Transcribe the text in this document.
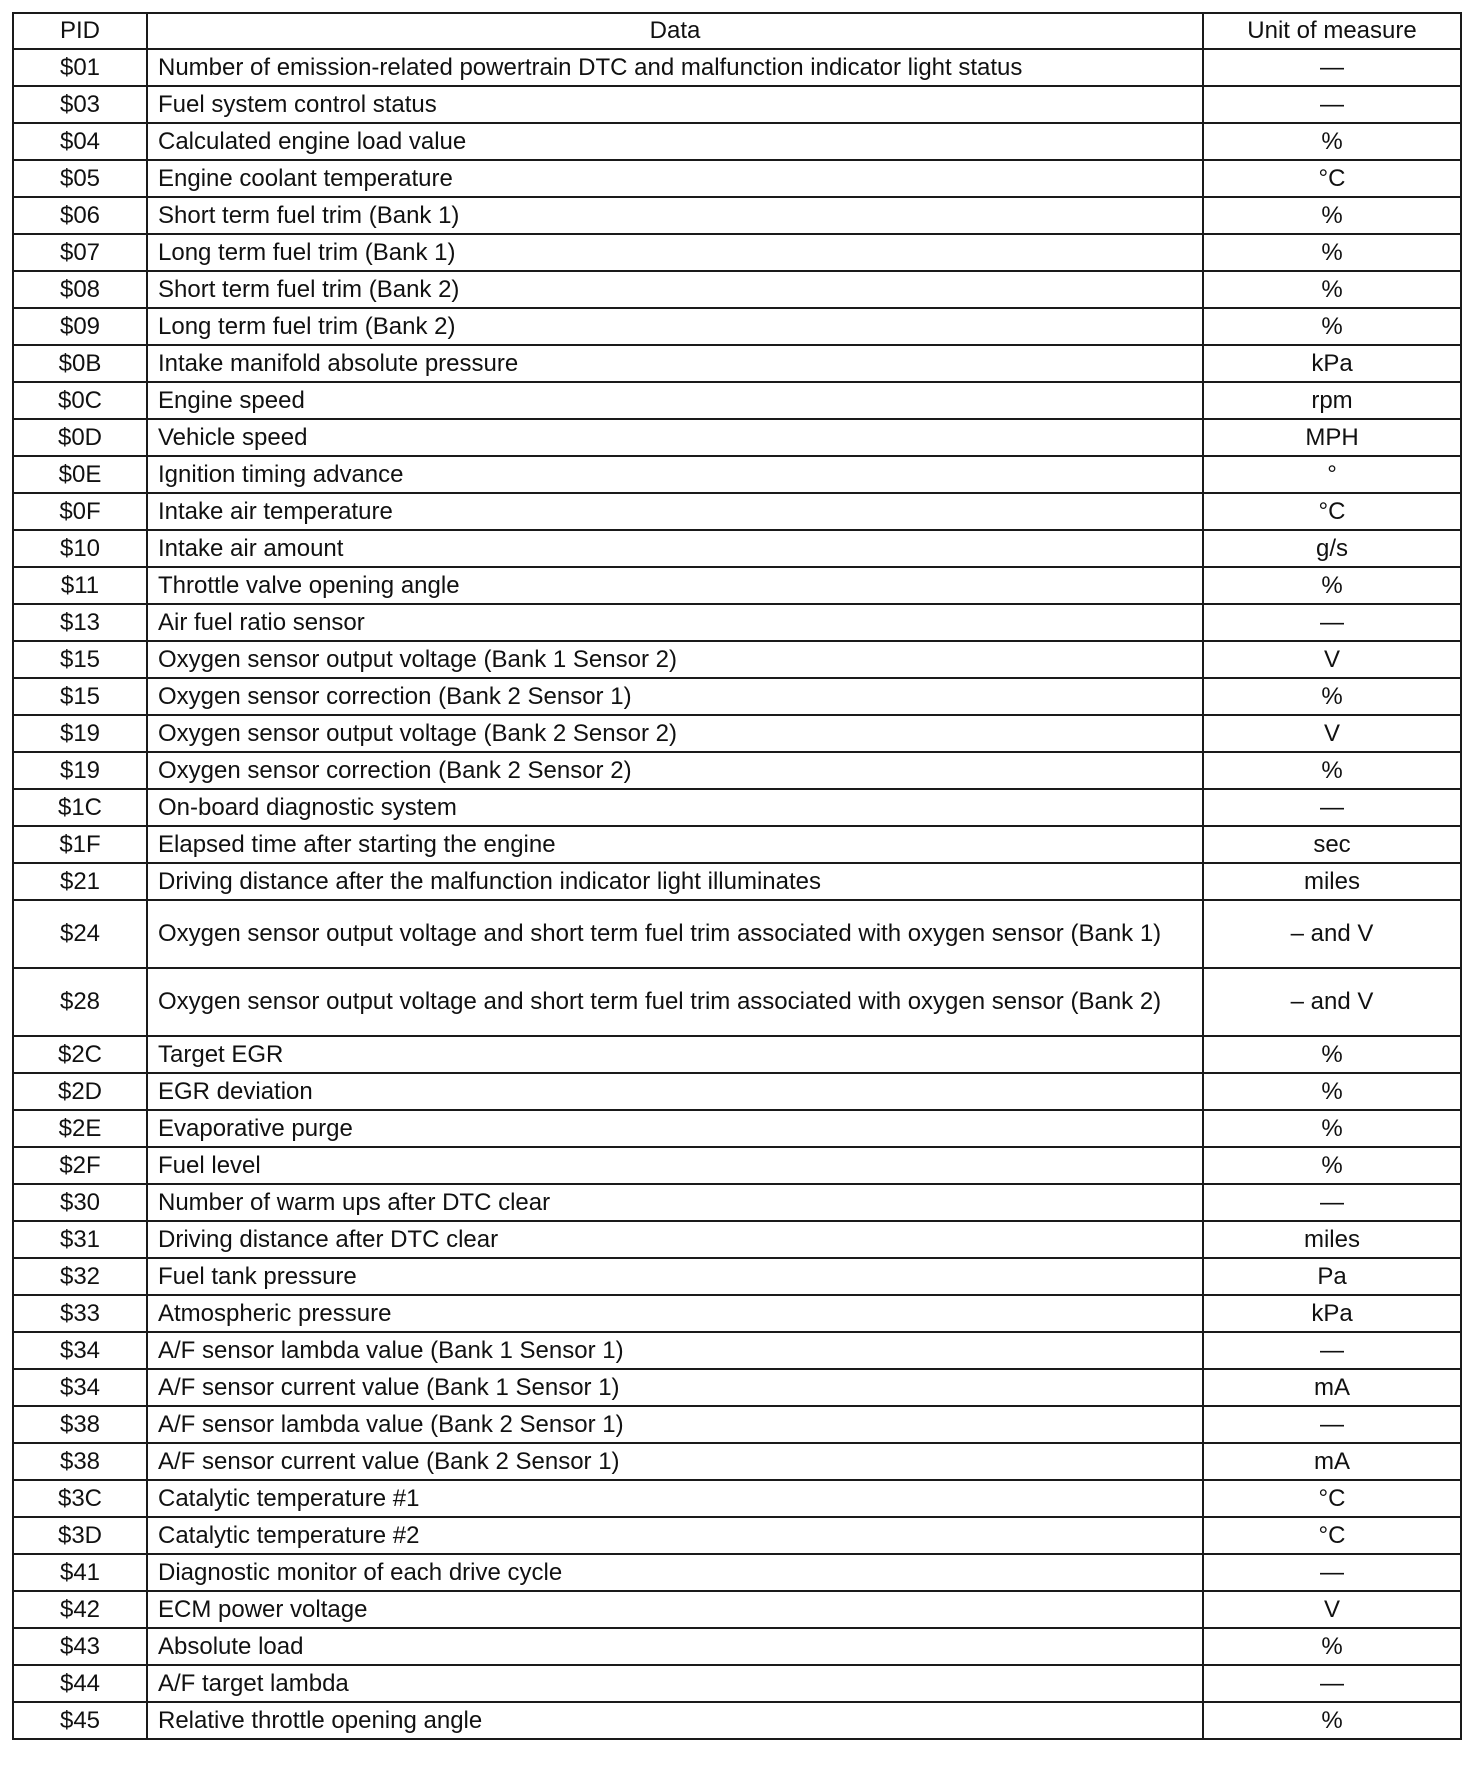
PID	Data	Unit of measure
$01	Number of emission-related powertrain DTC and malfunction indicator light status	—
$03	Fuel system control status	—
$04	Calculated engine load value	%
$05	Engine coolant temperature	°C
$06	Short term fuel trim (Bank 1)	%
$07	Long term fuel trim (Bank 1)	%
$08	Short term fuel trim (Bank 2)	%
$09	Long term fuel trim (Bank 2)	%
$0B	Intake manifold absolute pressure	kPa
$0C	Engine speed	rpm
$0D	Vehicle speed	MPH
$0E	Ignition timing advance	°
$0F	Intake air temperature	°C
$10	Intake air amount	g/s
$11	Throttle valve opening angle	%
$13	Air fuel ratio sensor	—
$15	Oxygen sensor output voltage (Bank 1 Sensor 2)	V
$15	Oxygen sensor correction (Bank 2 Sensor 1)	%
$19	Oxygen sensor output voltage (Bank 2 Sensor 2)	V
$19	Oxygen sensor correction (Bank 2 Sensor 2)	%
$1C	On-board diagnostic system	—
$1F	Elapsed time after starting the engine	sec
$21	Driving distance after the malfunction indicator light illuminates	miles
$24	Oxygen sensor output voltage and short term fuel trim associated with oxygen sensor (Bank 1)	– and V
$28	Oxygen sensor output voltage and short term fuel trim associated with oxygen sensor (Bank 2)	– and V
$2C	Target EGR	%
$2D	EGR deviation	%
$2E	Evaporative purge	%
$2F	Fuel level	%
$30	Number of warm ups after DTC clear	—
$31	Driving distance after DTC clear	miles
$32	Fuel tank pressure	Pa
$33	Atmospheric pressure	kPa
$34	A/F sensor lambda value (Bank 1 Sensor 1)	—
$34	A/F sensor current value (Bank 1 Sensor 1)	mA
$38	A/F sensor lambda value (Bank 2 Sensor 1)	—
$38	A/F sensor current value (Bank 2 Sensor 1)	mA
$3C	Catalytic temperature #1	°C
$3D	Catalytic temperature #2	°C
$41	Diagnostic monitor of each drive cycle	—
$42	ECM power voltage	V
$43	Absolute load	%
$44	A/F target lambda	—
$45	Relative throttle opening angle	%
